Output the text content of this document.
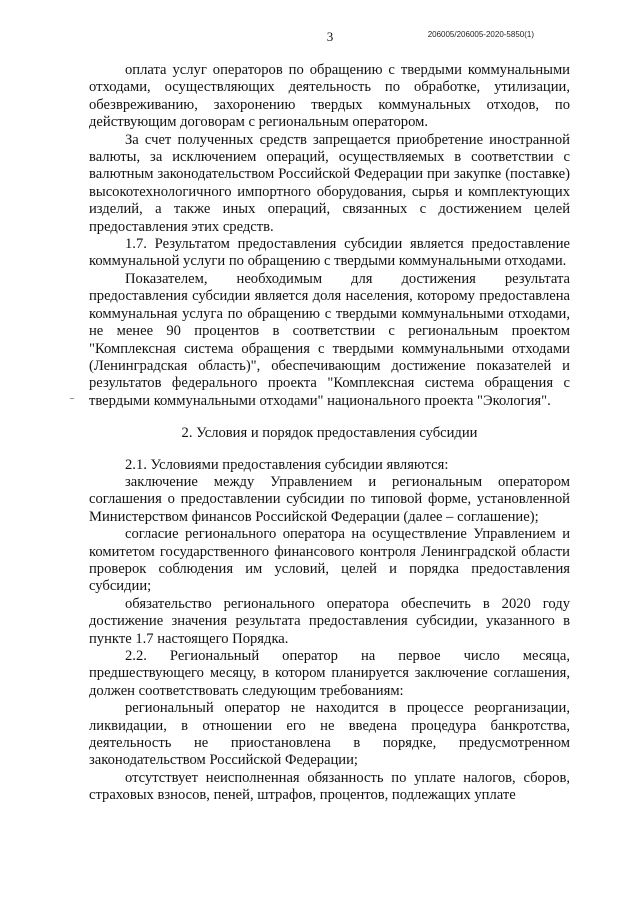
206005/206005-2020-5850(1)
3

оплата услуг операторов по обращению с твердыми коммунальными отходами, осуществляющих деятельность по обработке, утилизации, обезвреживанию, захоронению твердых коммунальных отходов, по действующим договорам с региональным оператором.

За счет полученных средств запрещается приобретение иностранной валюты, за исключением операций, осуществляемых в соответствии с валютным законодательством Российской Федерации при закупке (поставке) высокотехнологичного импортного оборудования, сырья и комплектующих изделий, а также иных операций, связанных с достижением целей предоставления этих средств.

1.7. Результатом предоставления субсидии является предоставление коммунальной услуги по обращению с твердыми коммунальными отходами.

Показателем, необходимым для достижения результата предоставления субсидии является доля населения, которому предоставлена коммунальная услуга по обращению с твердыми коммунальными отходами, не менее 90 процентов в соответствии с региональным проектом "Комплексная система обращения с твердыми коммунальными отходами (Ленинградская область)", обеспечивающим достижение показателей и результатов федерального проекта "Комплексная система обращения с твердыми коммунальными отходами" национального проекта "Экология".

2. Условия и порядок предоставления субсидии

2.1. Условиями предоставления субсидии являются:

заключение между Управлением и региональным оператором соглашения о предоставлении субсидии по типовой форме, установленной Министерством финансов Российской Федерации (далее – соглашение);

согласие регионального оператора на осуществление Управлением и комитетом государственного финансового контроля Ленинградской области проверок соблюдения им условий, целей и порядка предоставления субсидии;

обязательство регионального оператора обеспечить в 2020 году достижение значения результата предоставления субсидии, указанного в пункте 1.7 настоящего Порядка.

2.2. Региональный оператор на первое число месяца, предшествующего месяцу, в котором планируется заключение соглашения, должен соответствовать следующим требованиям:

региональный оператор не находится в процессе реорганизации, ликвидации, в отношении его не введена процедура банкротства, деятельность не приостановлена в порядке, предусмотренном законодательством Российской Федерации;

отсутствует неисполненная обязанность по уплате налогов, сборов, страховых взносов, пеней, штрафов, процентов, подлежащих уплате
